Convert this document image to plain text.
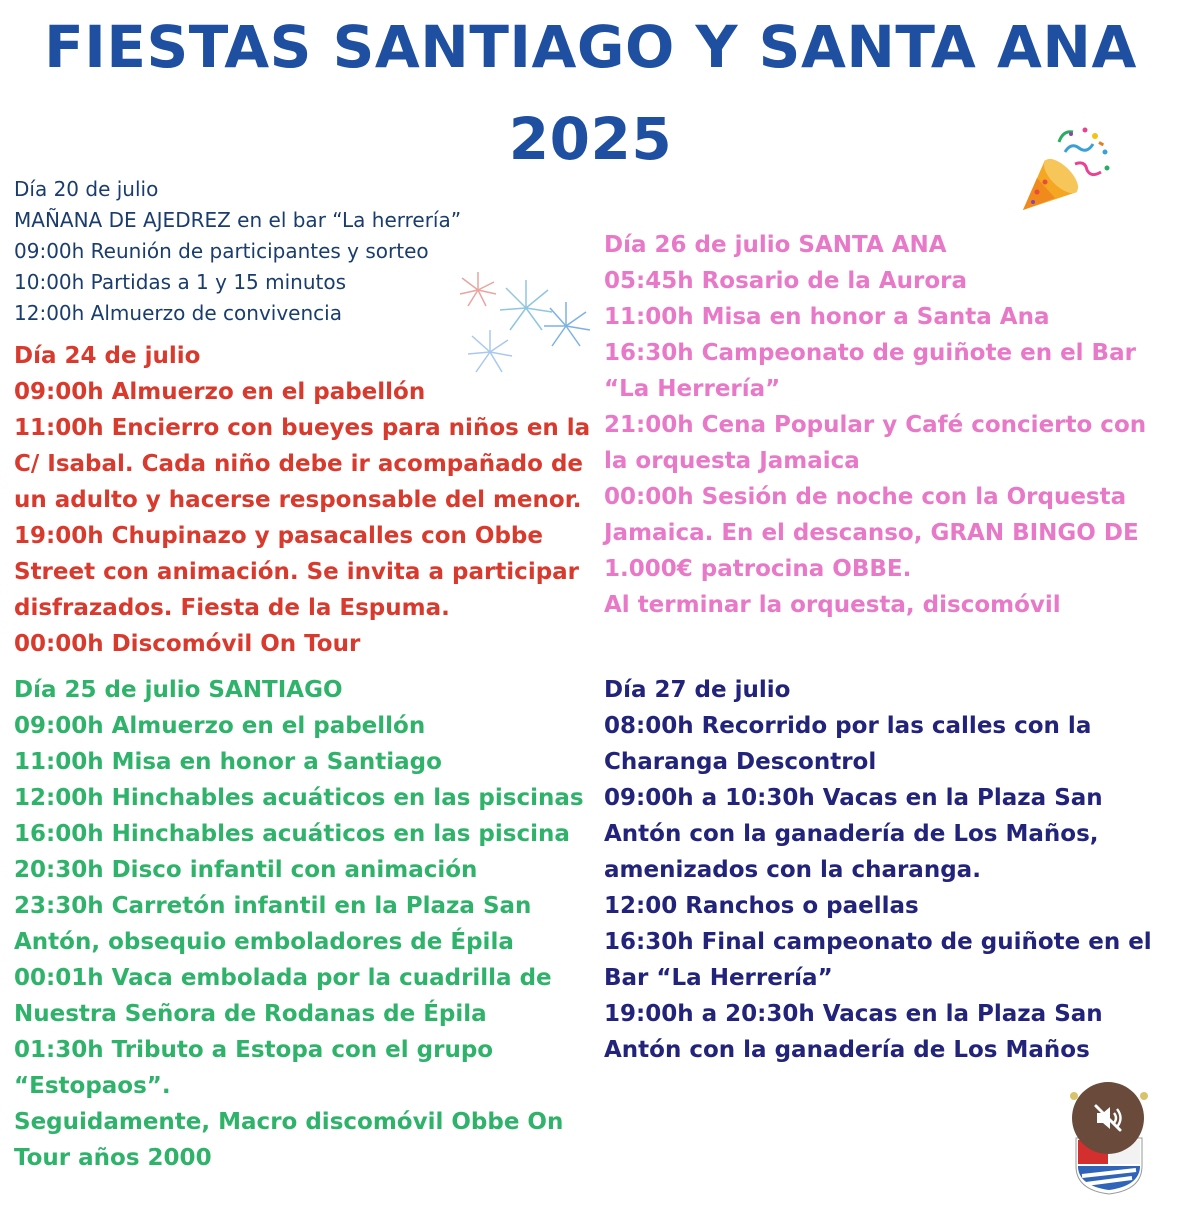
FIESTAS SANTIAGO Y SANTA ANA
2025
Día 20 de julio
MAÑANA DE AJEDREZ en el bar “La herrería”
09:00h Reunión de participantes y sorteo
10:00h Partidas a 1 y 15 minutos
12:00h Almuerzo de convivencia
Día 24 de julio
09:00h Almuerzo en el pabellón
11:00h Encierro con bueyes para niños en la
C/ Isabal. Cada niño debe ir acompañado de
un adulto y hacerse responsable del menor.
19:00h Chupinazo y pasacalles con Obbe
Street con animación. Se invita a participar
disfrazados. Fiesta de la Espuma.
00:00h Discomóvil On Tour
Día 25 de julio SANTIAGO
09:00h Almuerzo en el pabellón
11:00h Misa en honor a Santiago
12:00h Hinchables acuáticos en las piscinas
16:00h Hinchables acuáticos en las piscina
20:30h Disco infantil con animación
23:30h Carretón infantil en la Plaza San
Antón, obsequio emboladores de Épila
00:01h Vaca embolada por la cuadrilla de
Nuestra Señora de Rodanas de Épila
01:30h Tributo a Estopa con el grupo
“Estopaos”.
Seguidamente, Macro discomóvil Obbe On
Tour años 2000
Día 26 de julio SANTA ANA
05:45h Rosario de la Aurora
11:00h Misa en honor a Santa Ana
16:30h Campeonato de guiñote en el Bar
“La Herrería”
21:00h Cena Popular y Café concierto con
la orquesta Jamaica
00:00h Sesión de noche con la Orquesta
Jamaica. En el descanso, GRAN BINGO DE
1.000€ patrocina OBBE.
Al terminar la orquesta, discomóvil
Día 27 de julio
08:00h Recorrido por las calles con la
Charanga Descontrol
09:00h a 10:30h Vacas en la Plaza San
Antón con la ganadería de Los Maños,
amenizados con la charanga.
12:00 Ranchos o paellas
16:30h Final campeonato de guiñote en el
Bar “La Herrería”
19:00h a 20:30h Vacas en la Plaza San
Antón con la ganadería de Los Maños
